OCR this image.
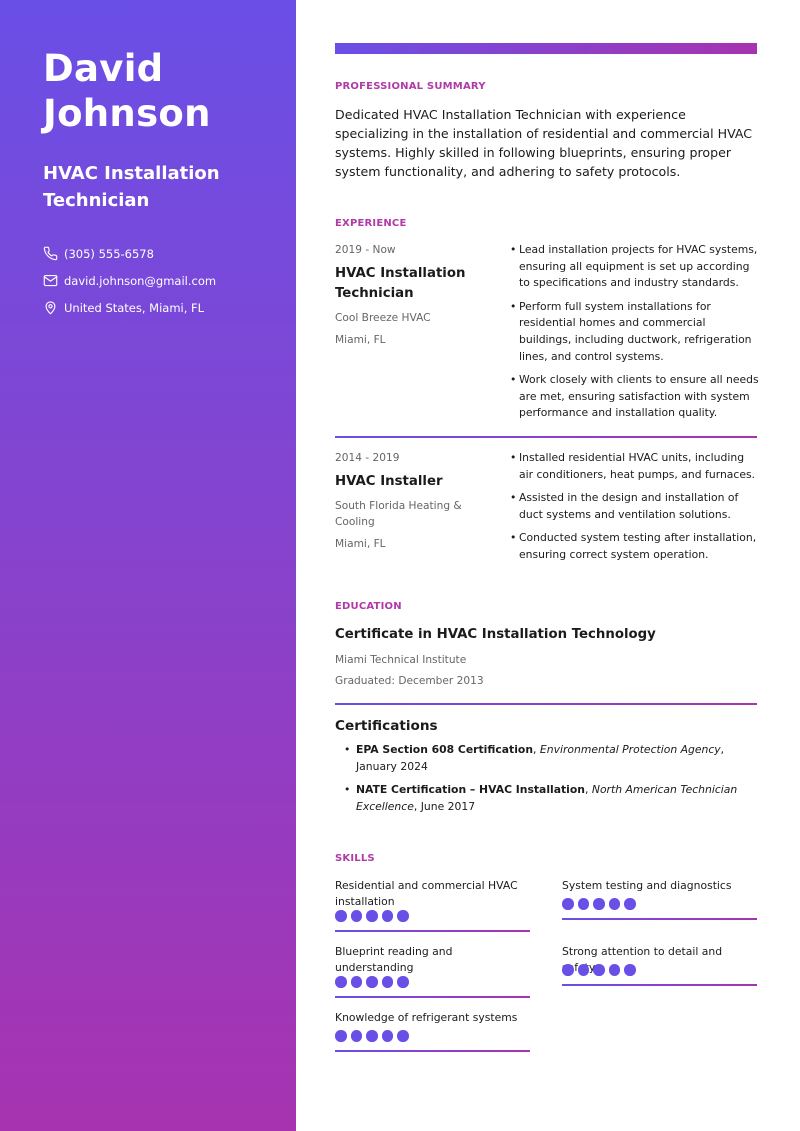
David
Johnson
HVAC Installation Technician
(305) 555-6578
david.johnson@gmail.com
United States, Miami, FL
PROFESSIONAL SUMMARY
Dedicated HVAC Installation Technician with experience specializing in the installation of residential and commercial HVAC systems. Highly skilled in following blueprints, ensuring proper system functionality, and adhering to safety protocols.
EXPERIENCE
2019 - Now
HVAC Installation Technician
Cool Breeze HVAC
Miami, FL
• Lead installation projects for HVAC systems, ensuring all equipment is set up according to specifications and industry standards.
• Perform full system installations for residential homes and commercial buildings, including ductwork, refrigeration lines, and control systems.
• Work closely with clients to ensure all needs are met, ensuring satisfaction with system performance and installation quality.
2014 - 2019
HVAC Installer
South Florida Heating & Cooling
Miami, FL
• Installed residential HVAC units, including air conditioners, heat pumps, and furnaces.
• Assisted in the design and installation of duct systems and ventilation solutions.
• Conducted system testing after installation, ensuring correct system operation.
EDUCATION
Certificate in HVAC Installation Technology
Miami Technical Institute
Graduated: December 2013
Certifications
• EPA Section 608 Certification, Environmental Protection Agency, January 2024
• NATE Certification – HVAC Installation, North American Technician Excellence, June 2017
SKILLS
Residential and commercial HVAC installation
System testing and diagnostics
Blueprint reading and understanding
Strong attention to detail and
Knowledge of refrigerant systems
